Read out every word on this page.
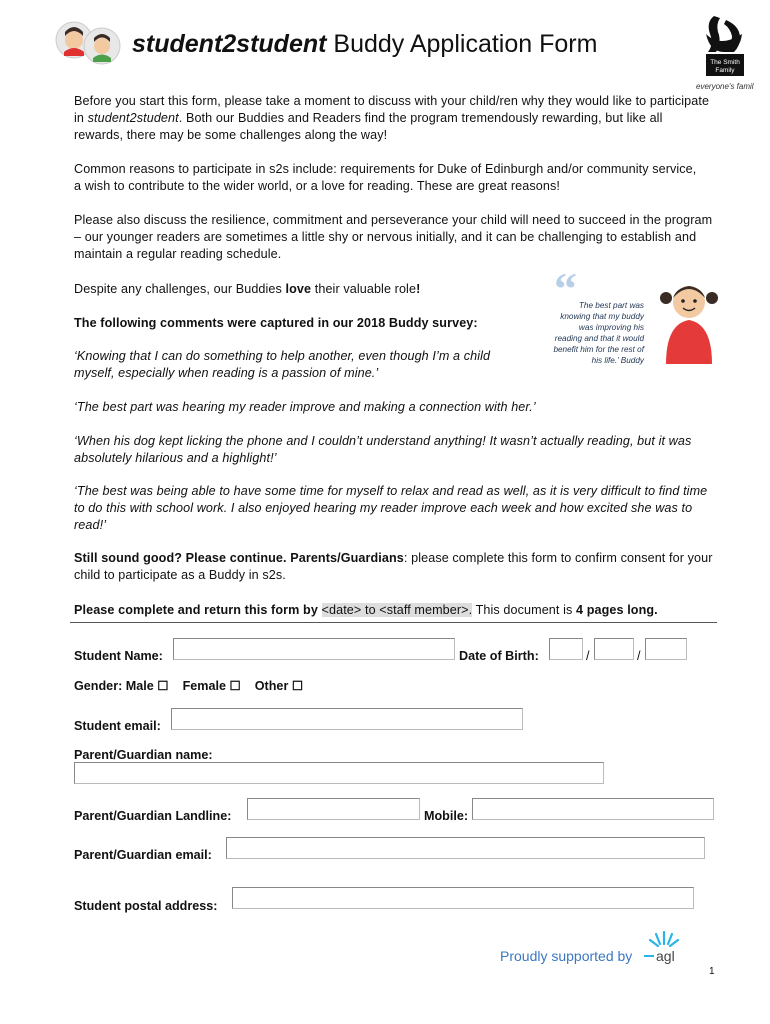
student2student Buddy Application Form
The Smith
Family
everyone's famil
Before you start this form, please take a moment to discuss with your child/ren why they would like to participate in student2student. Both our Buddies and Readers find the program tremendously rewarding, but like all rewards, there may be some challenges along the way!
Common reasons to participate in s2s include: requirements for Duke of Edinburgh and/or community service, a wish to contribute to the wider world, or a love for reading. These are great reasons!
Please also discuss the resilience, commitment and perseverance your child will need to succeed in the program – our younger readers are sometimes a little shy or nervous initially, and it can be challenging to establish and maintain a regular reading schedule.
Despite any challenges, our Buddies love their valuable role!
The following comments were captured in our 2018 Buddy survey:
‘Knowing that I can do something to help another, even though I’m a child myself, especially when reading is a passion of mine.’
‘The best part was hearing my reader improve and making a connection with her.’
‘When his dog kept licking the phone and I couldn’t understand anything! It wasn’t actually reading, but it was absolutely hilarious and a highlight!’
‘The best was being able to have some time for myself to relax and read as well, as it is very difficult to find time to do this with school work. I also enjoyed hearing my reader improve each week and how excited she was to read!’
“ The best part was knowing that my buddy was improving his reading and that it would benefit him for the rest of his life.’ Buddy
Still sound good? Please continue. Parents/Guardians: please complete this form to confirm consent for your child to participate as a Buddy in s2s.
Please complete and return this form by <date> to <staff member>. This document is 4 pages long.
Student Name:	Date of Birth:	/	/
Gender: Male ☐    Female ☐    Other ☐
Student email:
Parent/Guardian name:
Parent/Guardian Landline:	Mobile:
Parent/Guardian email:
Student postal address:
Proudly supported by agl
1
